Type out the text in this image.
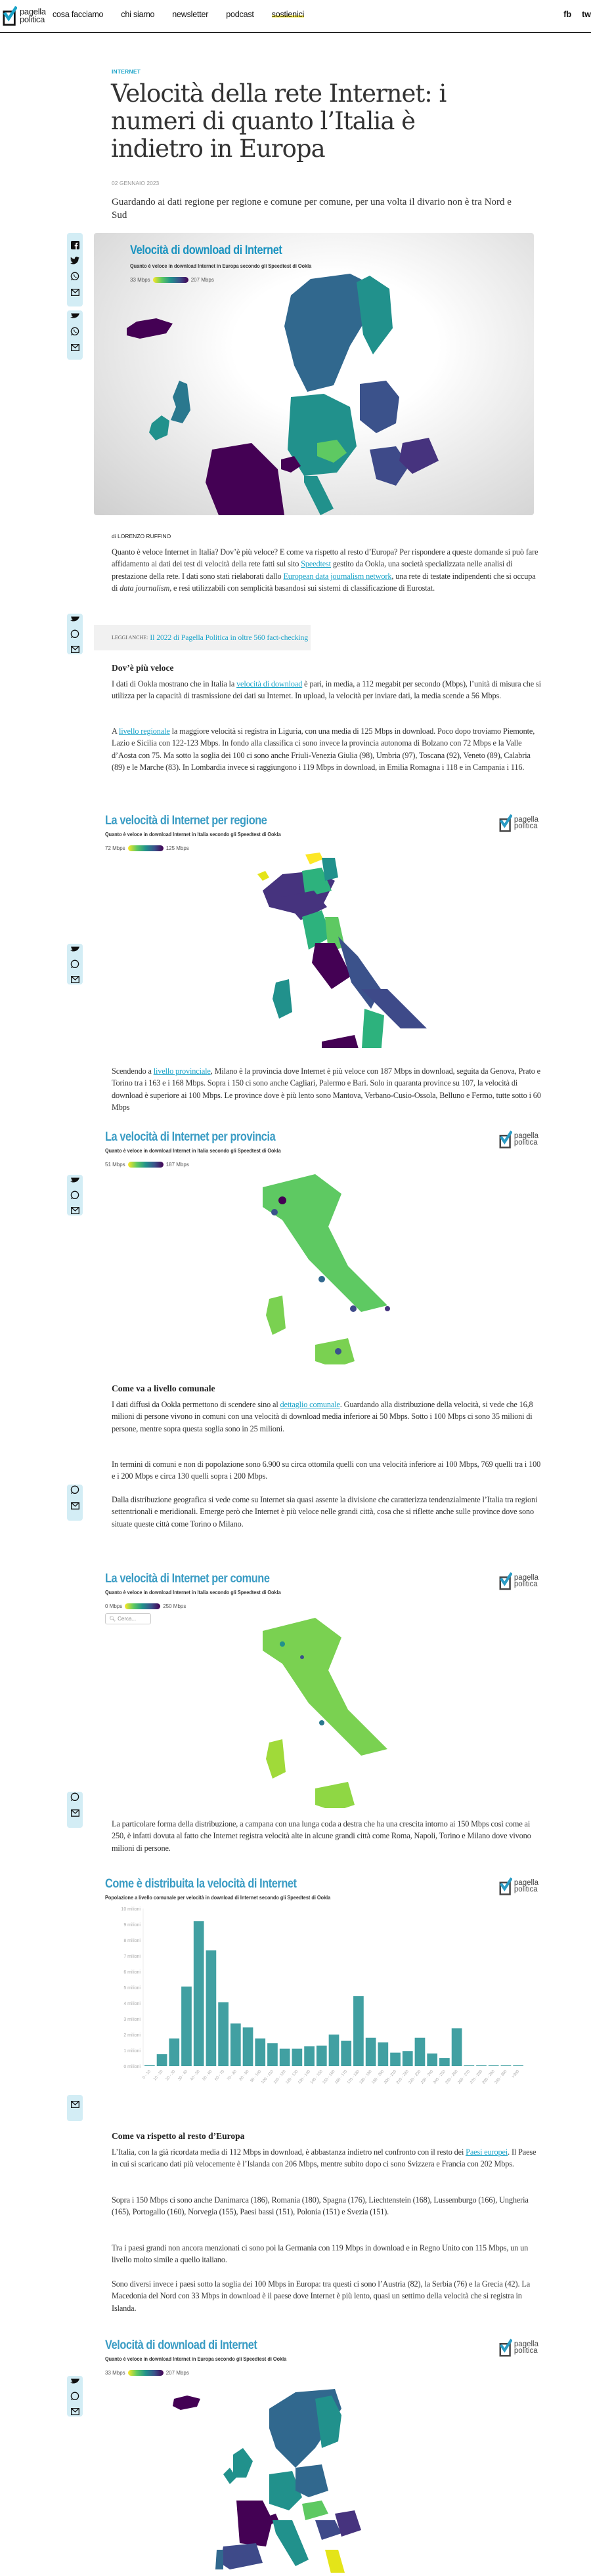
pagella
politica cosa facciamo chi siamo newsletter podcast sostienici	fb tw
INTERNET
Velocità della rete Internet: i numeri di quanto l’Italia è indietro in Europa
02 GENNAIO 2023
Guardando ai dati regione per regione e comune per comune, per una volta il divario non è tra Nord e Sud
Velocità di download di Internet
Quanto è veloce in download Internet in Europa secondo gli Speedtest di Ookla
33 Mbps	207 Mbps
di LORENZO RUFFINO

Quanto è veloce Internet in Italia? Dov’è più veloce? E come va rispetto al resto d’Europa? Per rispondere a queste domande si può fare affidamento ai dati dei test di velocità della rete fatti sul sito Speedtest gestito da Ookla, una società specializzata nelle analisi di prestazione della rete. I dati sono stati rielaborati dallo European data journalism network, una rete di testate indipendenti che si occupa di data journalism, e resi utilizzabili con semplicità basandosi sui sistemi di classificazione di Eurostat.

LEGGI ANCHE: Il 2022 di Pagella Politica in oltre 560 fact-checking
Dov’è più veloce

I dati di Ookla mostrano che in Italia la velocità di download è pari, in media, a 112 megabit per secondo (Mbps), l’unità di misura che si utilizza per la capacità di trasmissione dei dati su Internet. In upload, la velocità per inviare dati, la media scende a 56 Mbps.

A livello regionale la maggiore velocità si registra in Liguria, con una media di 125 Mbps in download. Poco dopo troviamo Piemonte, Lazio e Sicilia con 122-123 Mbps. In fondo alla classifica ci sono invece la provincia autonoma di Bolzano con 72 Mbps e la Valle d’Aosta con 75. Ma sotto la soglia dei 100 ci sono anche Friuli-Venezia Giulia (98), Umbria (97), Toscana (92), Veneto (89), Calabria (89) e le Marche (83). In Lombardia invece si raggiungono i 119 Mbps in download, in Emilia Romagna i 118 e in Campania i 116.

La velocità di Internet per regione
Quanto è veloce in download Internet in Italia secondo gli Speedtest di Ookla
pagella
politica
72 Mbps	125 Mbps

Scendendo a livello provinciale, Milano è la provincia dove Internet è più veloce con 187 Mbps in download, seguita da Genova, Prato e Torino tra i 163 e i 168 Mbps. Sopra i 150 ci sono anche Cagliari, Palermo e Bari. Solo in quaranta province su 107, la velocità di download è superiore ai 100 Mbps. Le province dove è più lento sono Mantova, Verbano-Cusio-Ossola, Belluno e Fermo, tutte sotto i 60 Mbps

La velocità di Internet per provincia
Quanto è veloce in download Internet in Italia secondo gli Speedtest di Ookla
pagella
politica
51 Mbps	187 Mbps
Come va a livello comunale

I dati diffusi da Ookla permettono di scendere sino al dettaglio comunale. Guardando alla distribuzione della velocità, si vede che 16,8 milioni di persone vivono in comuni con una velocità di download media inferiore ai 50 Mbps. Sotto i 100 Mbps ci sono 35 milioni di persone, mentre sopra questa soglia sono in 25 milioni.

In termini di comuni e non di popolazione sono 6.900 su circa ottomila quelli con una velocità inferiore ai 100 Mbps, 769 quelli tra i 100 e i 200 Mbps e circa 130 quelli sopra i 200 Mbps.

Dalla distribuzione geografica si vede come su Internet sia quasi assente la divisione che caratterizza tendenzialmente l’Italia tra regioni settentrionali e meridionali. Emerge però che Internet è più veloce nelle grandi città, cosa che si riflette anche sulle province dove sono situate queste città come Torino o Milano.

La velocità di Internet per comune
Quanto è veloce in download Internet in Italia secondo gli Speedtest di Ookla
pagella
politica
0 Mbps	250 Mbps
🔍︎ Cerca...

La particolare forma della distribuzione, a campana con una lunga coda a destra che ha una crescita intorno ai 150 Mbps così come ai 250, è infatti dovuta al fatto che Internet registra velocità alte in alcune grandi città come Roma, Napoli, Torino e Milano dove vivono milioni di persone.

Come è distribuita la velocità di Internet
Popolazione a livello comunale per velocità in download di Internet secondo gli Speedtest di Ookla
pagella
politica
0 milioni
1 milioni
2 milioni
3 milioni
4 milioni
5 milioni
6 milioni
7 milioni
8 milioni
9 milioni
10 milioni
0 - 10 10 - 20 20 - 30 30 - 40 40 - 50 50 - 60 60 - 70 70 - 80 80 - 90 90 - 100
100 - 110
110 - 120
120 - 130
130 - 140
140 - 150
150 - 160
160 - 170
170 - 180
180 - 190
190 - 200
200 - 210
210 - 220
220 - 230
230 - 240
240 - 250
250 - 260
260 - 270
270 - 280
280 - 290
290 - 300 >300
Come va rispetto al resto d’Europa

L’Italia, con la già ricordata media di 112 Mbps in download, è abbastanza indietro nel confronto con il resto dei Paesi europei. Il Paese in cui si scaricano dati più velocemente è l’Islanda con 206 Mbps, mentre subito dopo ci sono Svizzera e Francia con 202 Mbps.

Sopra i 150 Mbps ci sono anche Danimarca (186), Romania (180), Spagna (176), Liechtenstein (168), Lussemburgo (166), Ungheria (165), Portogallo (160), Norvegia (155), Paesi bassi (151), Polonia (151) e Svezia (151).

Tra i paesi grandi non ancora menzionati ci sono poi la Germania con 119 Mbps in download e in Regno Unito con 115 Mbps, un un livello molto simile a quello italiano.

Sono diversi invece i paesi sotto la soglia dei 100 Mbps in Europa: tra questi ci sono l’Austria (82), la Serbia (76) e la Grecia (42). La Macedonia del Nord con 33 Mbps in download è il paese dove Internet è più lento, quasi un settimo della velocità che si registra in Islanda.

Velocità di download di Internet
Quanto è veloce in download Internet in Europa secondo gli Speedtest di Ookla
pagella
politica
33 Mbps	207 Mbps
